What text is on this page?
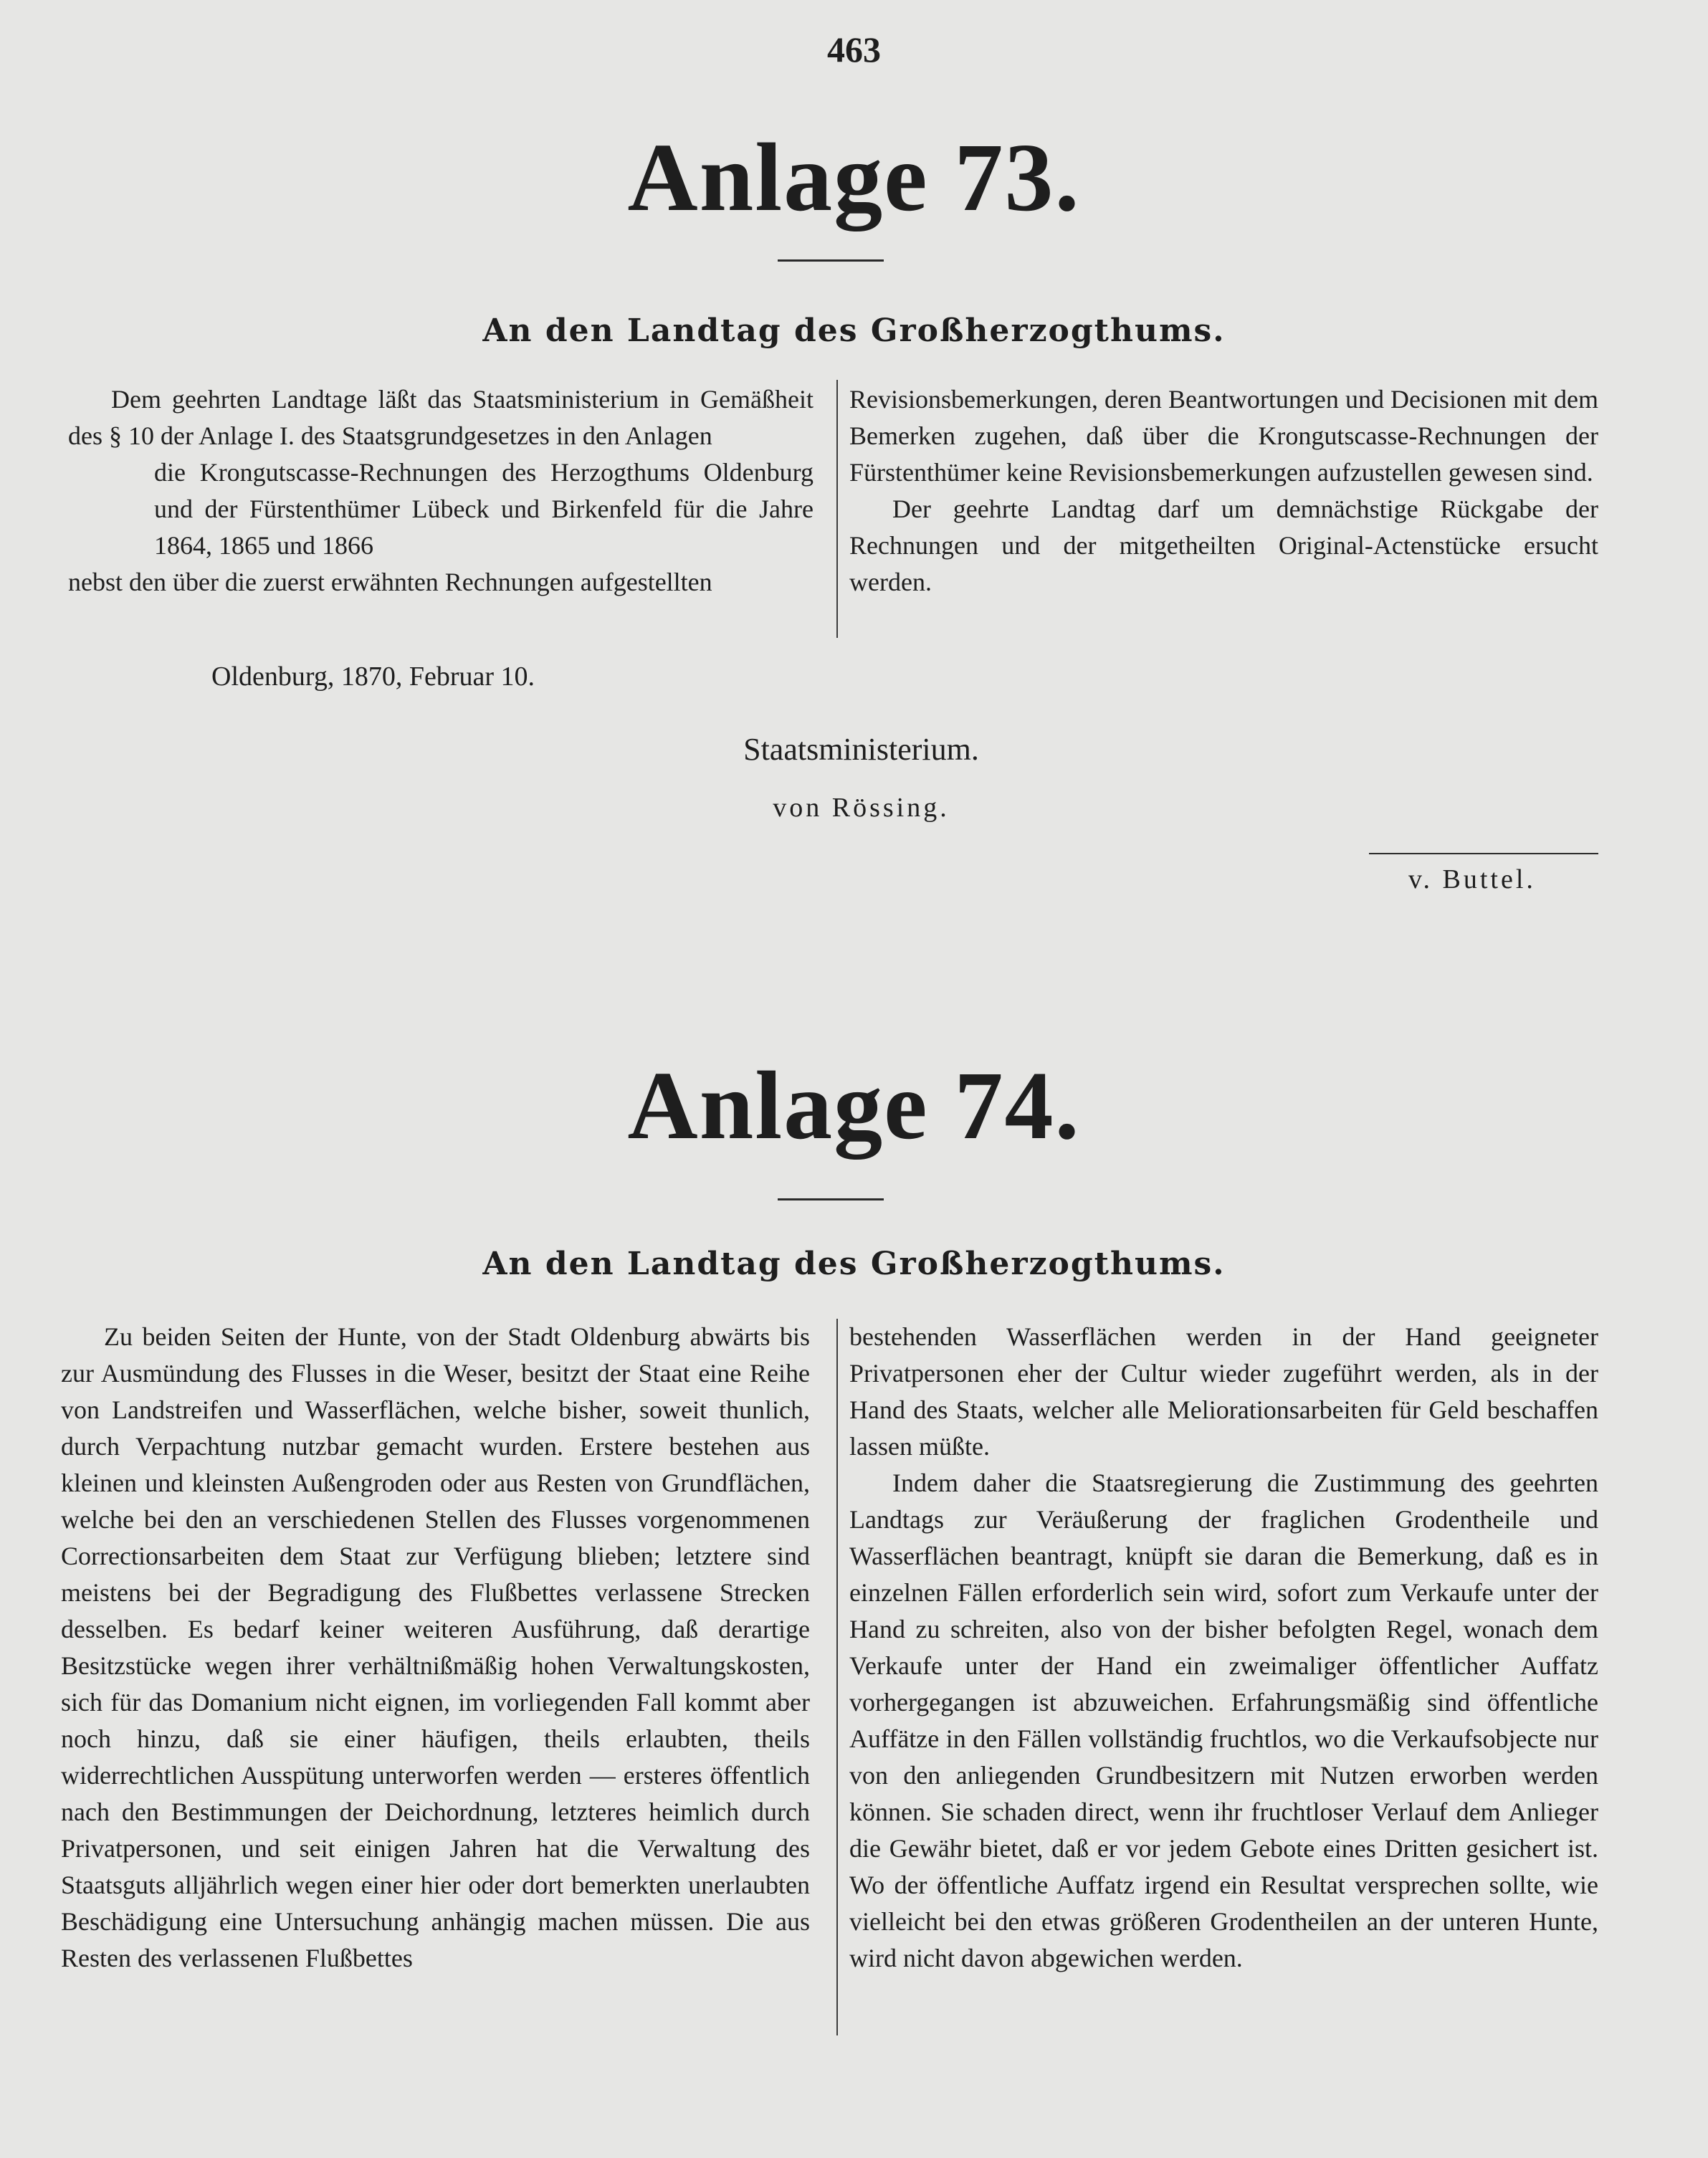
463
Anlage 73.
An den Landtag des Großherzogthums.

Dem geehrten Landtage läßt das Staatsministerium in Gemäßheit des § 10 der Anlage I. des Staatsgrundgesetzes in den Anlagen

die Krongutscasse-Rechnungen des Herzogthums Oldenburg und der Fürstenthümer Lübeck und Birkenfeld für die Jahre 1864, 1865 und 1866

nebst den über die zuerst erwähnten Rechnungen aufgestellten

Revisionsbemerkungen, deren Beantwortungen und Decisionen mit dem Bemerken zugehen, daß über die Krongutscasse-Rechnungen der Fürstenthümer keine Revisionsbemerkungen aufzustellen gewesen sind.

Der geehrte Landtag darf um demnächstige Rückgabe der Rechnungen und der mitgetheilten Original-Actenstücke ersucht werden.

Oldenburg, 1870, Februar 10.
Staatsministerium.
von Rössing.
v. Buttel.
Anlage 74.
An den Landtag des Großherzogthums.

Zu beiden Seiten der Hunte, von der Stadt Oldenburg abwärts bis zur Ausmündung des Flusses in die Weser, besitzt der Staat eine Reihe von Landstreifen und Wasserflächen, welche bisher, soweit thunlich, durch Verpachtung nutzbar gemacht wurden. Erstere bestehen aus kleinen und kleinsten Außengroden oder aus Resten von Grundflächen, welche bei den an verschiedenen Stellen des Flusses vorgenommenen Correctionsarbeiten dem Staat zur Verfügung blieben; letztere sind meistens bei der Begradigung des Flußbettes verlassene Strecken desselben. Es bedarf keiner weiteren Ausführung, daß derartige Besitzstücke wegen ihrer verhältnißmäßig hohen Verwaltungskosten, sich für das Domanium nicht eignen, im vorliegenden Fall kommt aber noch hinzu, daß sie einer häufigen, theils erlaubten, theils widerrechtlichen Ausspütung unterworfen werden — ersteres öffentlich nach den Bestimmungen der Deichordnung, letzteres heimlich durch Privatpersonen, und seit einigen Jahren hat die Verwaltung des Staatsguts alljährlich wegen einer hier oder dort bemerkten unerlaubten Beschädigung eine Untersuchung anhängig machen müssen. Die aus Resten des verlassenen Flußbettes

bestehenden Wasserflächen werden in der Hand geeigneter Privatpersonen eher der Cultur wieder zugeführt werden, als in der Hand des Staats, welcher alle Meliorationsarbeiten für Geld beschaffen lassen müßte.

Indem daher die Staatsregierung die Zustimmung des geehrten Landtags zur Veräußerung der fraglichen Grodentheile und Wasserflächen beantragt, knüpft sie daran die Bemerkung, daß es in einzelnen Fällen erforderlich sein wird, sofort zum Verkaufe unter der Hand zu schreiten, also von der bisher befolgten Regel, wonach dem Verkaufe unter der Hand ein zweimaliger öffentlicher Auffatz vorhergegangen ist abzuweichen. Erfahrungsmäßig sind öffentliche Auffätze in den Fällen vollständig fruchtlos, wo die Verkaufsobjecte nur von den anliegenden Grundbesitzern mit Nutzen erworben werden können. Sie schaden direct, wenn ihr fruchtloser Verlauf dem Anlieger die Gewähr bietet, daß er vor jedem Gebote eines Dritten gesichert ist. Wo der öffentliche Auffatz irgend ein Resultat versprechen sollte, wie vielleicht bei den etwas größeren Grodentheilen an der unteren Hunte, wird nicht davon abgewichen werden.
